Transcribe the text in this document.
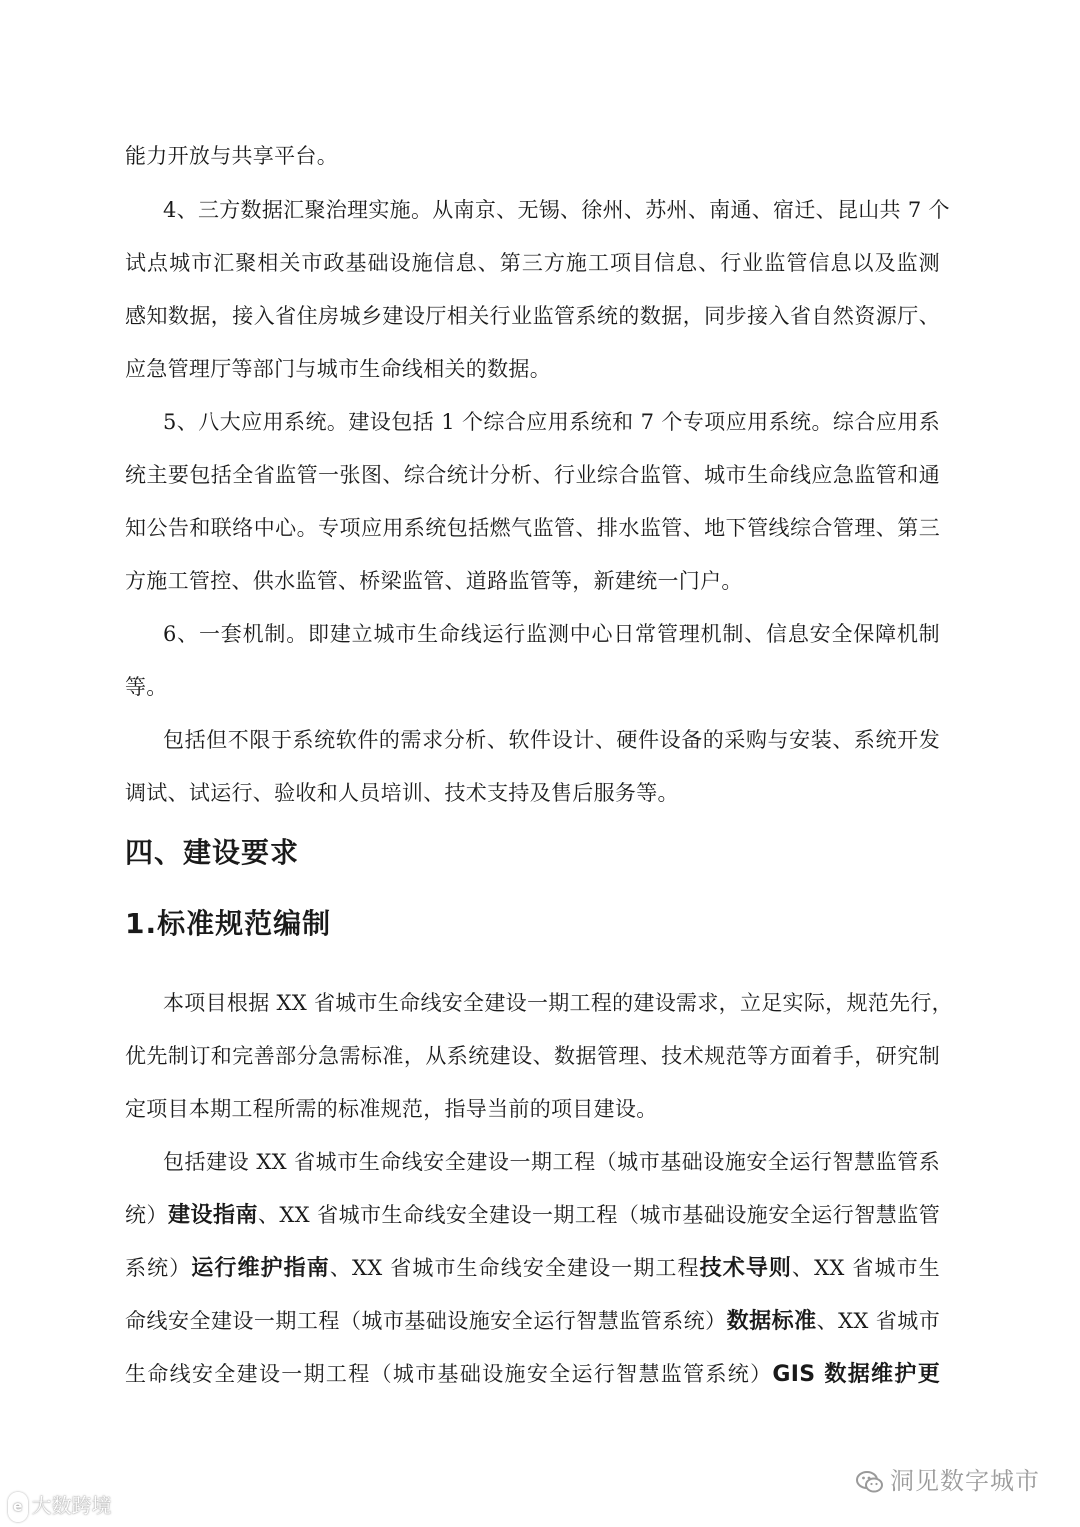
能力开放与共享平台。
4、三方数据汇聚治理实施。从南京、无锡、徐州、苏州、南通、宿迁、昆山共 7 个
试点城市汇聚相关市政基础设施信息、第三方施工项目信息、行业监管信息以及监测
感知数据，接入省住房城乡建设厅相关行业监管系统的数据，同步接入省自然资源厅、
应急管理厅等部门与城市生命线相关的数据。
5、八大应用系统。建设包括 1 个综合应用系统和 7 个专项应用系统。综合应用系
统主要包括全省监管一张图、综合统计分析、行业综合监管、城市生命线应急监管和通
知公告和联络中心。专项应用系统包括燃气监管、排水监管、地下管线综合管理、第三
方施工管控、供水监管、桥梁监管、道路监管等，新建统一门户。
6、一套机制。即建立城市生命线运行监测中心日常管理机制、信息安全保障机制
等。
包括但不限于系统软件的需求分析、软件设计、硬件设备的采购与安装、系统开发
调试、试运行、验收和人员培训、技术支持及售后服务等。
四、建设要求
1.标准规范编制
本项目根据 XX 省城市生命线安全建设一期工程的建设需求，立足实际，规范先行，
优先制订和完善部分急需标准，从系统建设、数据管理、技术规范等方面着手，研究制
定项目本期工程所需的标准规范，指导当前的项目建设。
包括建设 XX 省城市生命线安全建设一期工程（城市基础设施安全运行智慧监管系
统）建设指南、XX 省城市生命线安全建设一期工程（城市基础设施安全运行智慧监管
系统）运行维护指南、XX 省城市生命线安全建设一期工程技术导则、XX 省城市生
命线安全建设一期工程（城市基础设施安全运行智慧监管系统）数据标准、XX 省城市
生命线安全建设一期工程（城市基础设施安全运行智慧监管系统）GIS 数据维护更
洞见数字城市
e 大数跨境
